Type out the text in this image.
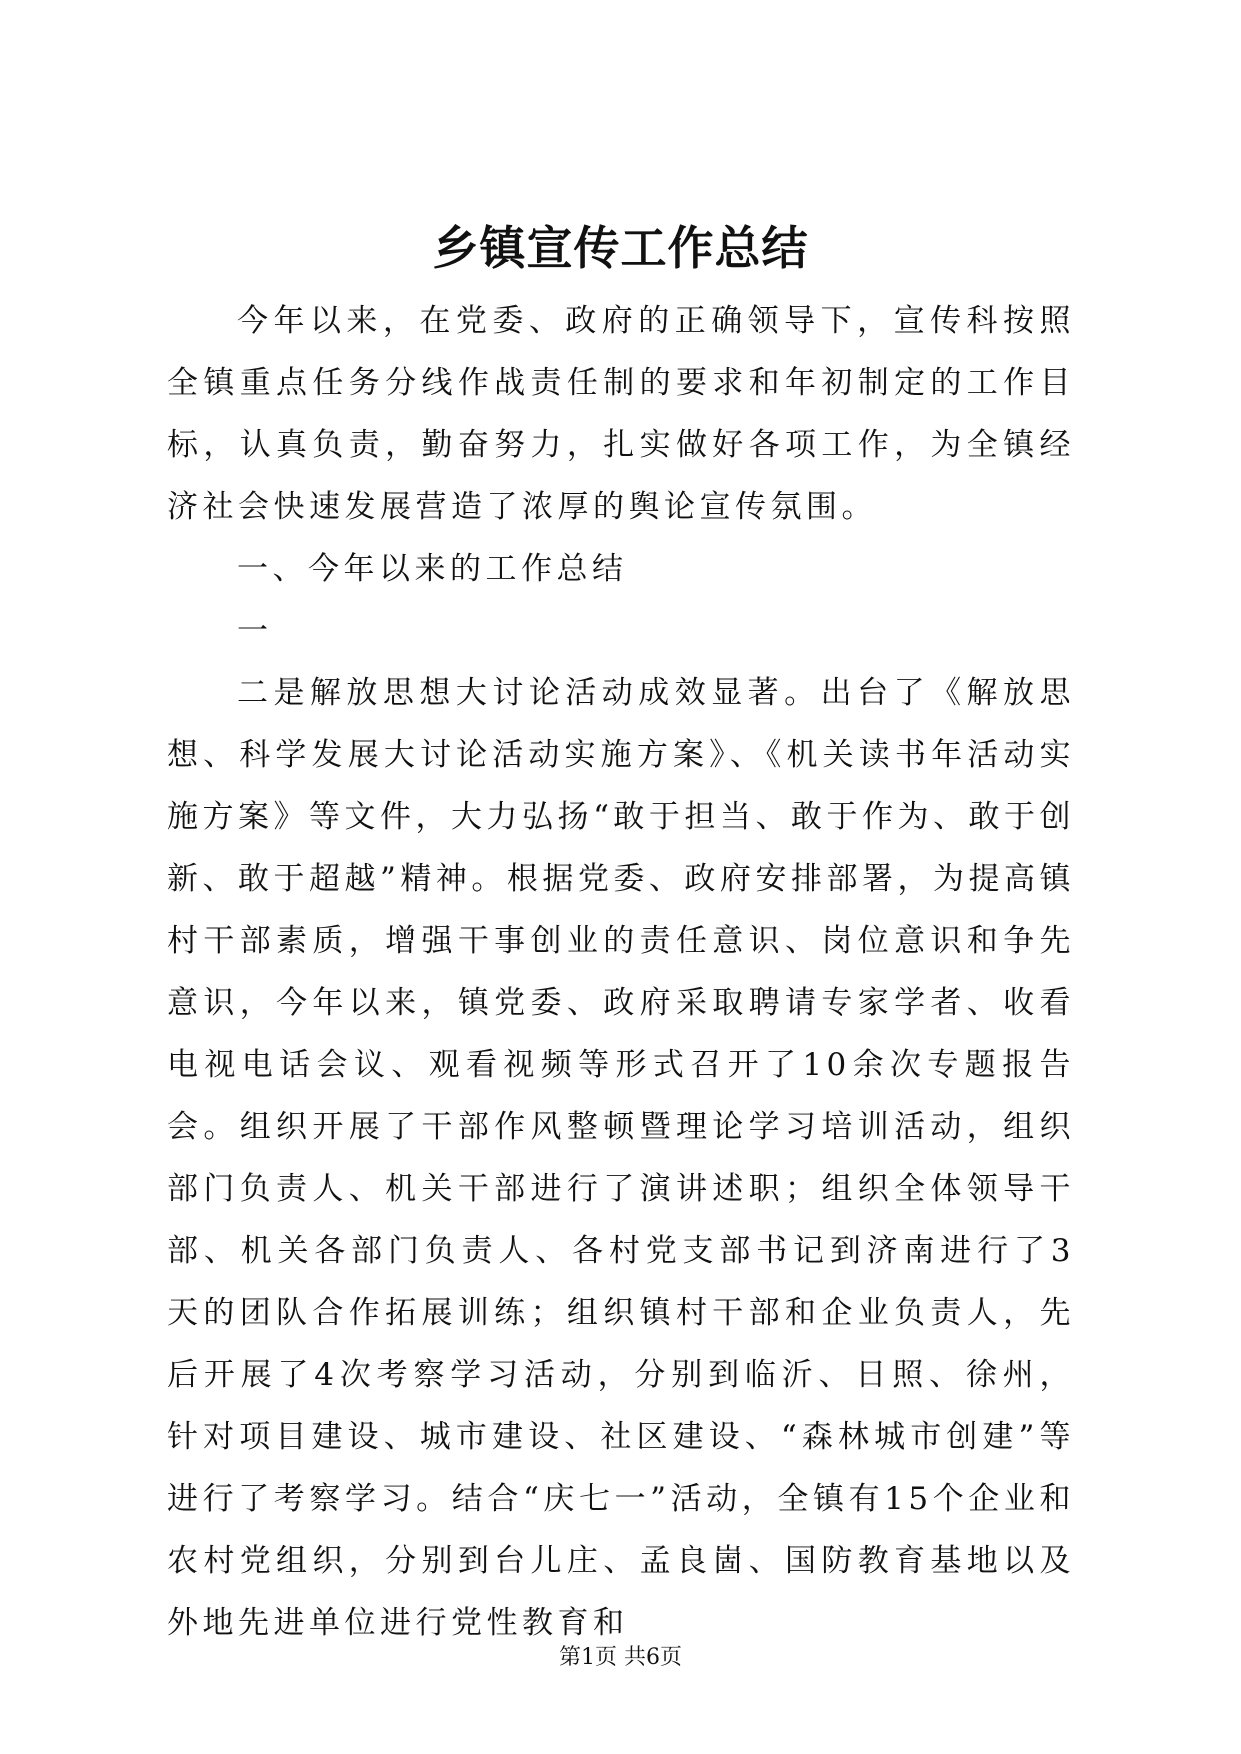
乡镇宣传工作总结

今年以来，在党委、政府的正确领导下，宣传科按照全镇重点任务分线作战责任制的要求和年初制定的工作目标，认真负责，勤奋努力，扎实做好各项工作，为全镇经济社会快速发展营造了浓厚的舆论宣传氛围。

一、今年以来的工作总结

一

二是解放思想大讨论活动成效显著。出台了《解放思想、科学发展大讨论活动实施方案》、《机关读书年活动实施方案》等文件，大力弘扬“敢于担当、敢于作为、敢于创新、敢于超越”精神。根据党委、政府安排部署，为提高镇村干部素质，增强干事创业的责任意识、岗位意识和争先意识，今年以来，镇党委、政府采取聘请专家学者、收看电视电话会议、观看视频等形式召开了10余次专题报告会。组织开展了干部作风整顿暨理论学习培训活动，组织部门负责人、机关干部进行了演讲述职；组织全体领导干部、机关各部门负责人、各村党支部书记到济南进行了3天的团队合作拓展训练；组织镇村干部和企业负责人，先后开展了4次考察学习活动，分别到临沂、日照、徐州，针对项目建设、城市建设、社区建设、“森林城市创建”等进行了考察学习。结合“庆七一”活动，全镇有15个企业和农村党组织，分别到台儿庄、孟良崮、国防教育基地以及外地先进单位进行党性教育和

第1页 共6页
